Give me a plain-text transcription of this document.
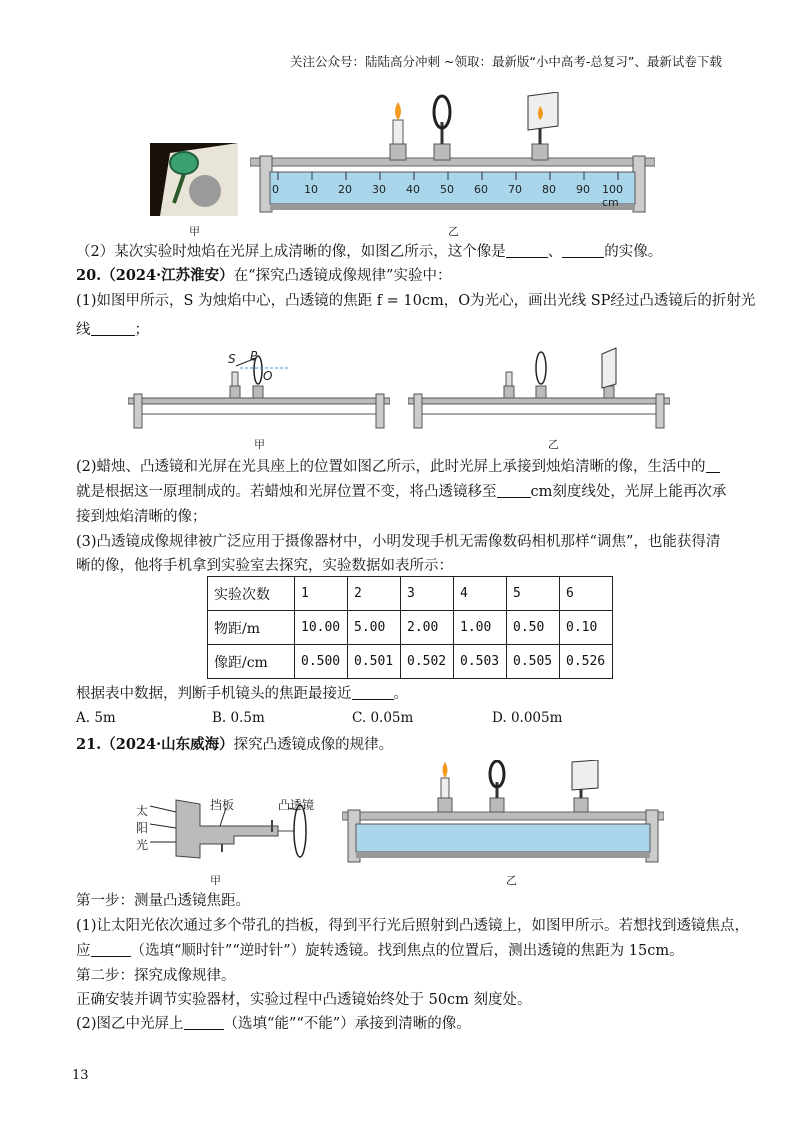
关注公众号：陆陆高分冲刺 ~领取：最新版“小中高考-总复习”、最新试卷下载
甲
0 10 20 30 40 50 60 70 80 90 100 cm
乙
（2）某次实验时烛焰在光屏上成清晰的像，如图乙所示，这个像是	、	的实像。
20.（2024·江苏淮安）在“探究凸透镜成像规律”实验中：
(1)如图甲所示，S 为烛焰中心，凸透镜的焦距 f = 10cm，O为光心，画出光线 SP经过凸透镜后的折射光
线	；
S P
O
甲	乙
(2)蜡烛、凸透镜和光屏在光具座上的位置如图乙所示，此时光屏上承接到烛焰清晰的像，生活中的
就是根据这一原理制成的。若蜡烛和光屏位置不变，将凸透镜移至 cm刻度线处，光屏上能再次承
接到烛焰清晰的像；
(3)凸透镜成像规律被广泛应用于摄像器材中，小明发现手机无需像数码相机那样“调焦”，也能获得清
晰的像，他将手机拿到实验室去探究，实验数据如表所示：
实验次数	1	2	3	4	5	6
物距/m	10.00	5.00	2.00	1.00	0.50	0.10
像距/cm	0.500	0.501	0.502	0.503	0.505	0.526
根据表中数据，判断手机镜头的焦距最接近	。
A. 5m	B. 0.5m	C. 0.05m	D. 0.005m
21.（2024·山东威海）探究凸透镜成像的规律。
太
阳
光
挡板	凸透镜
甲	乙
第一步：测量凸透镜焦距。
(1)让太阳光依次通过多个带孔的挡板，得到平行光后照射到凸透镜上，如图甲所示。若想找到透镜焦点，
应	（选填“顺时针”“逆时针”）旋转透镜。找到焦点的位置后，测出透镜的焦距为 15cm。
第二步：探究成像规律。
正确安装并调节实验器材，实验过程中凸透镜始终处于 50cm 刻度处。
(2)图乙中光屏上	（选填“能”“不能”）承接到清晰的像。
13
